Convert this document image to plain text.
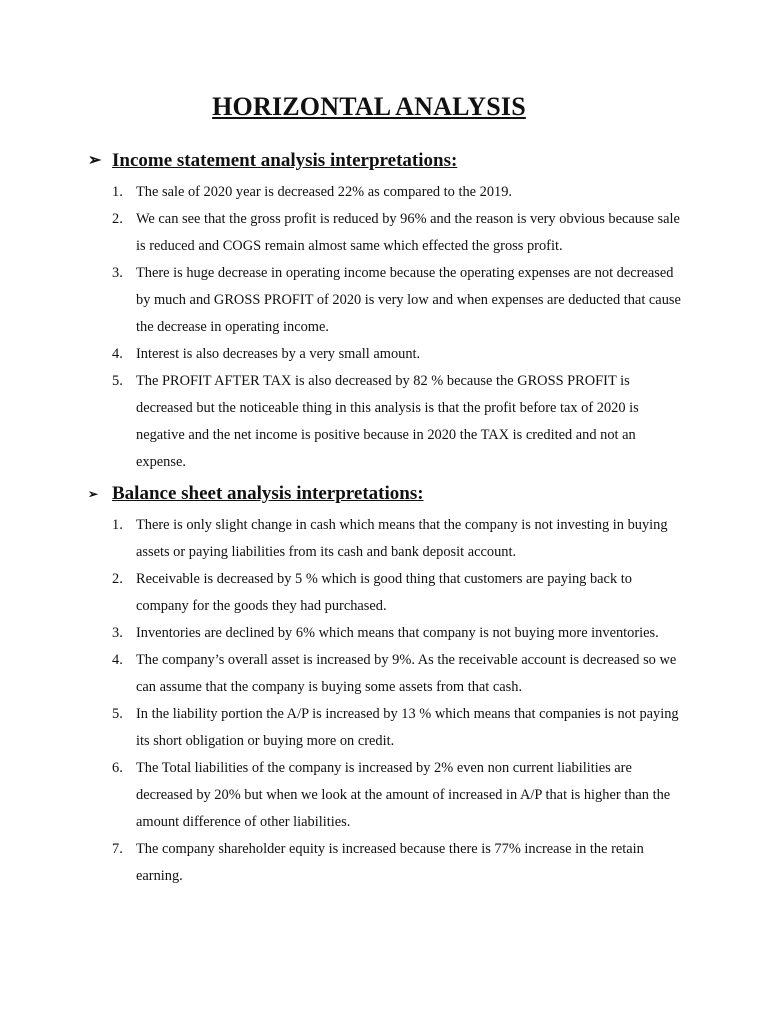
HORIZONTAL ANALYSIS
➢ Income statement analysis interpretations:
1. The sale of 2020 year is decreased 22% as compared to the 2019.
2. We can see that the gross profit is reduced by 96% and the reason is very obvious because sale is reduced and COGS remain almost same which effected the gross profit.
3. There is huge decrease in operating income because the operating expenses are not decreased by much and GROSS PROFIT of 2020 is very low and when expenses are deducted that cause the decrease in operating income.
4. Interest is also decreases by a very small amount.
5. The PROFIT AFTER TAX is also decreased by 82 % because the GROSS PROFIT is decreased but the noticeable thing in this analysis is that the profit before tax of 2020 is negative and the net income is positive because in 2020 the TAX is credited and not an expense.
➢ Balance sheet analysis interpretations:
1. There is only slight change in cash which means that the company is not investing in buying assets or paying liabilities from its cash and bank deposit account.
2. Receivable is decreased by 5 % which is good thing that customers are paying back to company for the goods they had purchased.
3. Inventories are declined by 6% which means that company is not buying more inventories.
4. The company’s overall asset is increased by 9%. As the receivable account is decreased so we can assume that the company is buying some assets from that cash.
5. In the liability portion the A/P is increased by 13 % which means that companies is not paying its short obligation or buying more on credit.
6. The Total liabilities of the company is increased by 2% even non current liabilities are decreased by 20% but when we look at the amount of increased in A/P that is higher than the amount difference of other liabilities.
7. The company shareholder equity is increased because there is 77% increase in the retain earning.
